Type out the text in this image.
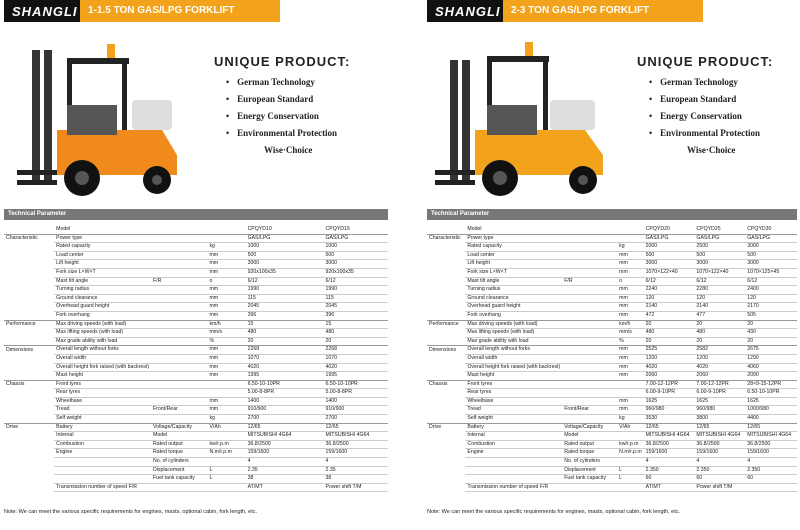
SHANGLI	1-1.5 TON GAS/LPG FORKLIFT
UNIQUE PRODUCT:
• German Technology
• European Standard
• Energy Conservation
• Environmental Protection
Wise·Choice
Technical Parameter
	Model			CPQYD10	CPQYD15
Characteristic	Power type			GAS/LPG	GAS/LPG
	Rated capacity		kg	1000	1000
	Load center		mm	500	500
	Lift height		mm	3000	3000
	Fork size L×W×T		mm	920x100x35	920x100x35
	Mast tilt angle	F/R	o	6/12	6/12
	Turning radius		mm	1990	1990
	Ground clearance		mm	115	115
	Overhead guard height		mm	2045	2045
	Fork overhang		mm	396	396
Performance	Max driving speeds (with load)		km/h	15	15
	Max lifting speeds (with load)		mm/s	480	480
	Max grade ability with load		%	20	20
Dimensions	Overall length without forks		mm	2268	2268
	Overall width		mm	1070	1070
	Overall height fork raised (with backrest)		mm	4020	4020
	Mast height		mm	1995	1995
Chassis	Front tyres			6.50-10-10PR	6.50-10-10PR
	Rear tyres			5.00-8-8PR	5.00-8-8PR
	Wheelbase		mm	1400	1400
	Tread	Front/Rear	mm	910/900	910/900
	Self weight		kg	2700	2700
Drive	Battery	Voltage/Capacity	V/Ah	12/65	12/65
	Internal	Model		MITSUBISHI 4G64	MITSUBISHI 4G64
	Combustion	Rated output	kw/r.p.m	36.8/2500	36.8/2500
	Engine	Rated torque	N.m/r.p.m	159/1600	159/1600
		No. of cylinders		4	4
		Displacement	L	2.35	2.35
		Fuel tank capacity	L	38	38
	Transmission number of speed F/R			AT/MT	Power shift T/M
Note: We can meet the various specific requirements for engines, masts, optional cabin, fork length, etc.
SHANGLI	2-3 TON GAS/LPG FORKLIFT
UNIQUE PRODUCT:
• German Technology
• European Standard
• Energy Conservation
• Environmental Protection
Wise·Choice
Technical Parameter
	Model			CPQYD20	CPQYD25	CPQYD30
Characteristic	Power type			GAS/LPG	GAS/LPG	GAS/LPG
	Rated capacity		kg	2000	2500	3000
	Load center		mm	500	500	500
	Lift height		mm	3000	3000	3000
	Fork size L×W×T		mm	1070×122×40	1070×122×40	1070×125×45
	Mast tilt angle	F/R	o	6/12	6/12	6/12
	Turning radius		mm	2240	2280	2400
	Ground clearance		mm	120	120	120
	Overhead guard height		mm	2140	2140	2170
	Fork overhang		mm	472	477	505
Performance	Max driving speeds (with load)		km/h	20	20	20
	Max lifting speeds (with load)		mm/s	480	480	430
	Max grade ability with load		%	20	20	20
Dimensions	Overall length without forks		mm	2525	2582	2675
	Overall width		mm	1200	1200	1290
	Overall height fork raised (with backrest)		mm	4020	4020	4060
	Mast height		mm	2060	2060	2090
Chassis	Front tyres			7.00-12-12PR	7.00-12-12PR	28×9-15-12PR
	Rear tyres			6.00-9-10PR	6.00-9-10PR	6.50-10-10PR
	Wheelbase		mm	1625	1625	1625
	Tread	Front/Rear	mm	960/980	960/980	1000/980
	Self weight		kg	3530	3800	4400
Drive	Battery	Voltage/Capacity	V/Ah	12/65	12/65	12/65
	Internal	Model		MITSUBISHI 4G64	MITSUBISHI 4G64	MITSUBISHI 4G64
	Combustion	Rated output	kw/r.p.m	36.8/2500	36.8/2500	36.8/2500
	Engine	Rated torque	N.m/r.p.m	159/1600	159/1600	159/1600
		No. of cylinders		4	4	4
		Displacement	L	2.350	2.350	2.350
		Fuel tank capacity	L	60	60	60
	Transmission number of speed F/R			AT/MT	Power shift T/M	
Note: We can meet the various specific requirements for engines, masts, optional cabin, fork length, etc.
